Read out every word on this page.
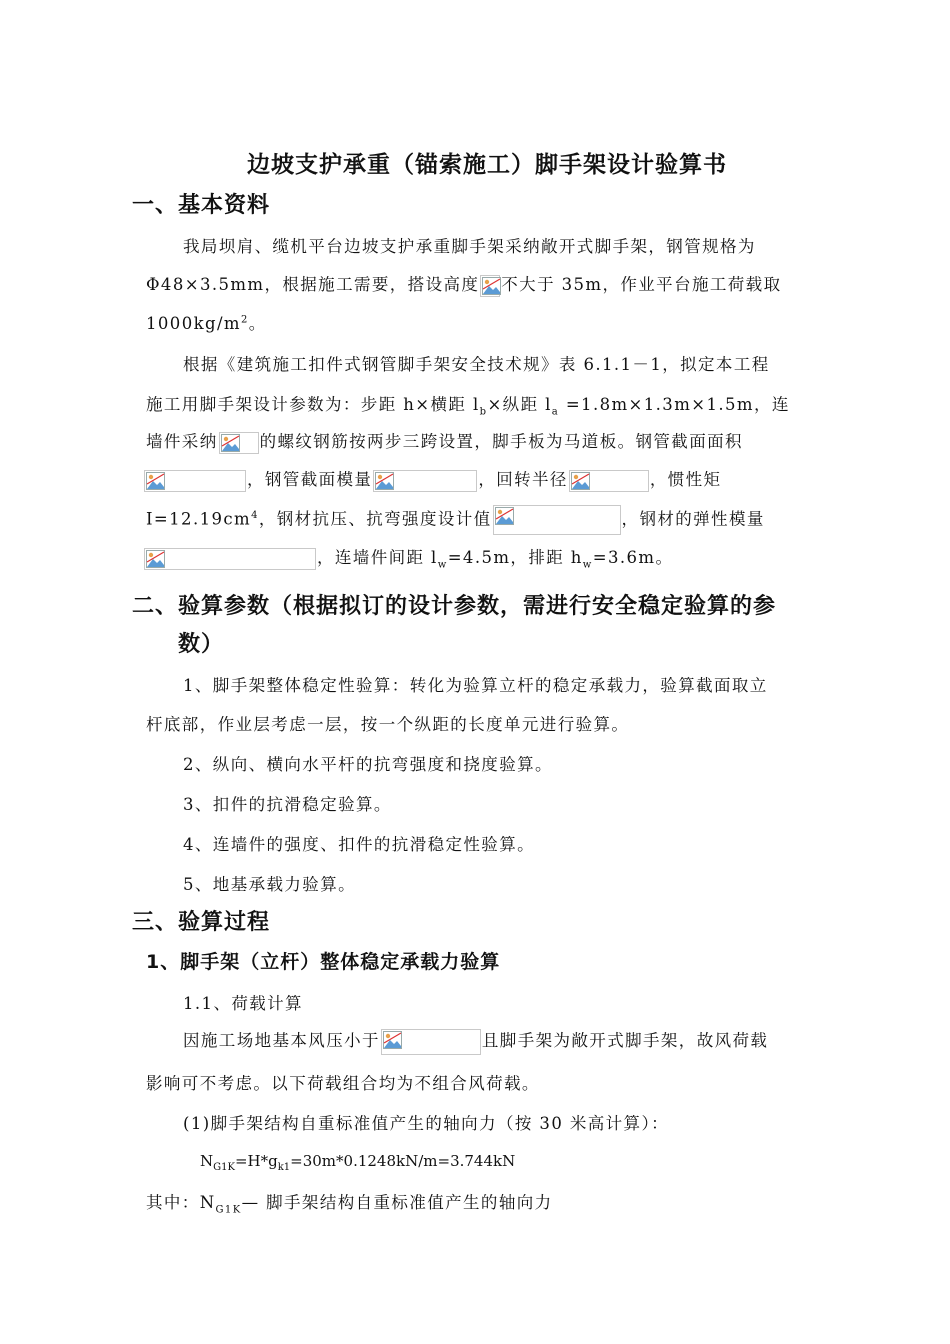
边坡支护承重（锚索施工）脚手架设计验算书
一、基本资料
我局坝肩、缆机平台边坡支护承重脚手架采纳敞开式脚手架，钢管规格为
Φ48×3.5mm，根据施工需要，搭设高度 不大于 35m，作业平台施工荷载取
$1000kg/m^2$。
根据《建筑施工扣件式钢管脚手架安全技术规》表 6.1.1－1，拟定本工程
施工用脚手架设计参数为：步距 h×横距 $l_b\times$纵距 $l_a =1.8m\times 1.3m\times 1.5m$，连
墙件采纳	的螺纹钢筋按两步三跨设置，脚手板为马道板。钢管截面面积
，钢管截面模量	，回转半径	，惯性矩
$I=12.19cm^4$，钢材抗压、抗弯强度设计值	，钢材的弹性模量
，连墙件间距 $l_w=4.5m$，排距 $h_w=3.6m$。
二、验算参数（根据拟订的设计参数，需进行安全稳定验算的参
数）
1、脚手架整体稳定性验算：转化为验算立杆的稳定承载力，验算截面取立
杆底部，作业层考虑一层，按一个纵距的长度单元进行验算。
2、纵向、横向水平杆的抗弯强度和挠度验算。
3、扣件的抗滑稳定验算。
4、连墙件的强度、扣件的抗滑稳定性验算。
5、地基承载力验算。
三、验算过程
1、脚手架（立杆）整体稳定承载力验算
1.1、荷载计算
因施工场地基本风压小于	且脚手架为敞开式脚手架，故风荷载
影响可不考虑。以下荷载组合均为不组合风荷载。
(1)脚手架结构自重标准值产生的轴向力（按 30 米高计算）：
$N_{G1K}=H*g_{k1}=30m*0.1248kN/m=3.744kN$
其中：$N_{G1K}—$ 脚手架结构自重标准值产生的轴向力
